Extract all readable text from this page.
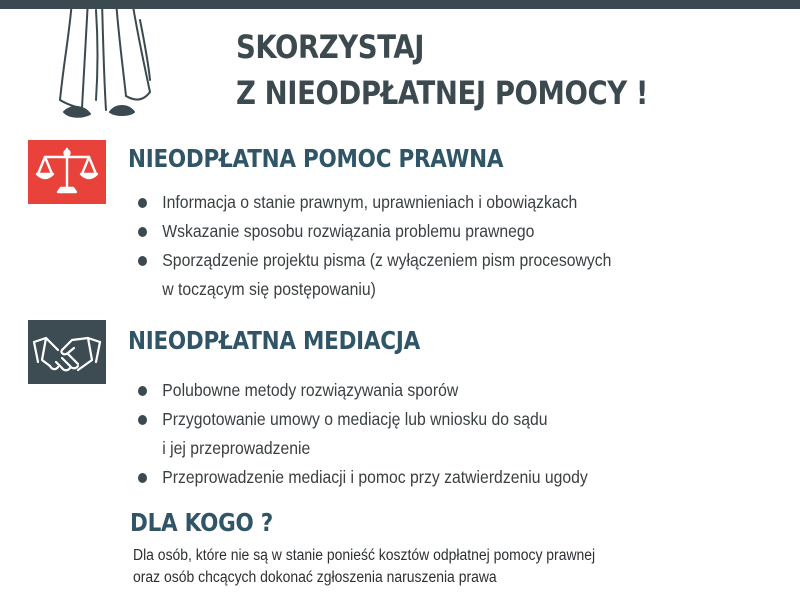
SKORZYSTAJ
Z NIEODPŁATNEJ POMOCY !
NIEODPŁATNA POMOC PRAWNA
Informacja o stanie prawnym, uprawnieniach i obowiązkach
Wskazanie sposobu rozwiązania problemu prawnego
Sporządzenie projektu pisma (z wyłączeniem pism procesowych
w toczącym się postępowaniu)
NIEODPŁATNA MEDIACJA
Polubowne metody rozwiązywania sporów
Przygotowanie umowy o mediację lub wniosku do sądu
i jej przeprowadzenie
Przeprowadzenie mediacji i pomoc przy zatwierdzeniu ugody
DLA KOGO ?
Dla osób, które nie są w stanie ponieść kosztów odpłatnej pomocy prawnej
oraz osób chcących dokonać zgłoszenia naruszenia prawa
